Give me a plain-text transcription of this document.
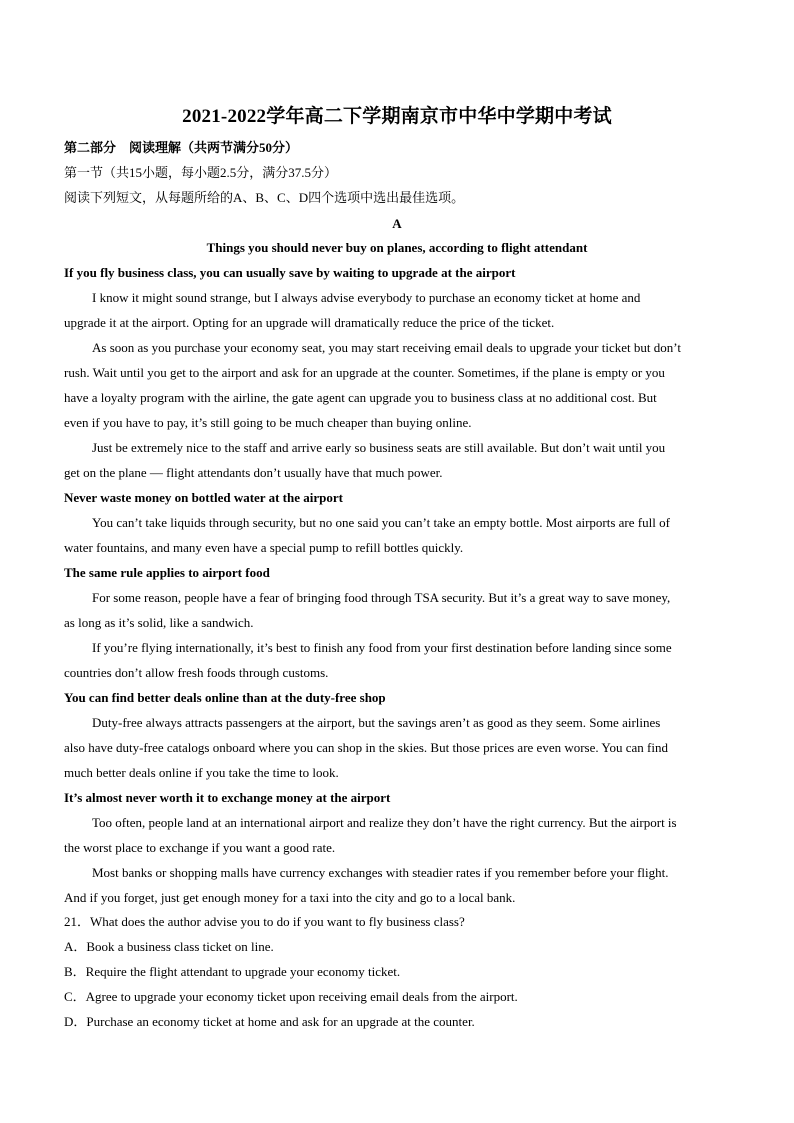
2021-2022学年高二下学期南京市中华中学期中考试
第二部分　阅读理解（共两节满分50分）
第一节（共15小题，每小题2.5分，满分37.5分）
阅读下列短文，从每题所给的A、B、C、D四个选项中选出最佳选项。
A
Things you should never buy on planes, according to flight attendant
If you fly business class, you can usually save by waiting to upgrade at the airport
I know it might sound strange, but I always advise everybody to purchase an economy ticket at home and
upgrade it at the airport. Opting for an upgrade will dramatically reduce the price of the ticket.
As soon as you purchase your economy seat, you may start receiving email deals to upgrade your ticket but don’t
rush. Wait until you get to the airport and ask for an upgrade at the counter. Sometimes, if the plane is empty or you
have a loyalty program with the airline, the gate agent can upgrade you to business class at no additional cost. But
even if you have to pay, it’s still going to be much cheaper than buying online.
Just be extremely nice to the staff and arrive early so business seats are still available. But don’t wait until you
get on the plane — flight attendants don’t usually have that much power.
Never waste money on bottled water at the airport
You can’t take liquids through security, but no one said you can’t take an empty bottle. Most airports are full of
water fountains, and many even have a special pump to refill bottles quickly.
The same rule applies to airport food
For some reason, people have a fear of bringing food through TSA security. But it’s a great way to save money,
as long as it’s solid, like a sandwich.
If you’re flying internationally, it’s best to finish any food from your first destination before landing since some
countries don’t allow fresh foods through customs.
You can find better deals online than at the duty-free shop
Duty-free always attracts passengers at the airport, but the savings aren’t as good as they seem. Some airlines
also have duty-free catalogs onboard where you can shop in the skies. But those prices are even worse. You can find
much better deals online if you take the time to look.
It’s almost never worth it to exchange money at the airport
Too often, people land at an international airport and realize they don’t have the right currency. But the airport is
the worst place to exchange if you want a good rate.
Most banks or shopping malls have currency exchanges with steadier rates if you remember before your flight.
And if you forget, just get enough money for a taxi into the city and go to a local bank.
21．What does the author advise you to do if you want to fly business class?
A．Book a business class ticket on line.
B．Require the flight attendant to upgrade your economy ticket.
C．Agree to upgrade your economy ticket upon receiving email deals from the airport.
D．Purchase an economy ticket at home and ask for an upgrade at the counter.
